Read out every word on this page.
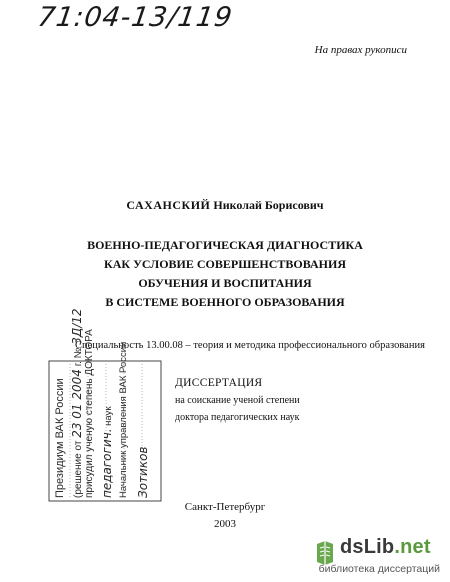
71:04-13/119
На правах рукописи
САХАНСКИЙ Николай Борисович
ВОЕННО-ПЕДАГОГИЧЕСКАЯ ДИАГНОСТИКА
КАК УСЛОВИЕ СОВЕРШЕНСТВОВАНИЯ
ОБУЧЕНИЯ И ВОСПИТАНИЯ
В СИСТЕМЕ ВОЕННОГО ОБРАЗОВАНИЯ
Специальность 13.00.08 – теория и методика профессионального образования
ДИССЕРТАЦИЯ
на соискание ученой степени
доктора педагогических наук
Президиум ВАК России (решение от 23 01 2004 г. № 3Д/12
присудил ученую степень ДОКТОРА педагогич. наук Начальник управления ВАК России Зотиков
Санкт-Петербург
2003
dsLib.net
библиотека диссертаций
